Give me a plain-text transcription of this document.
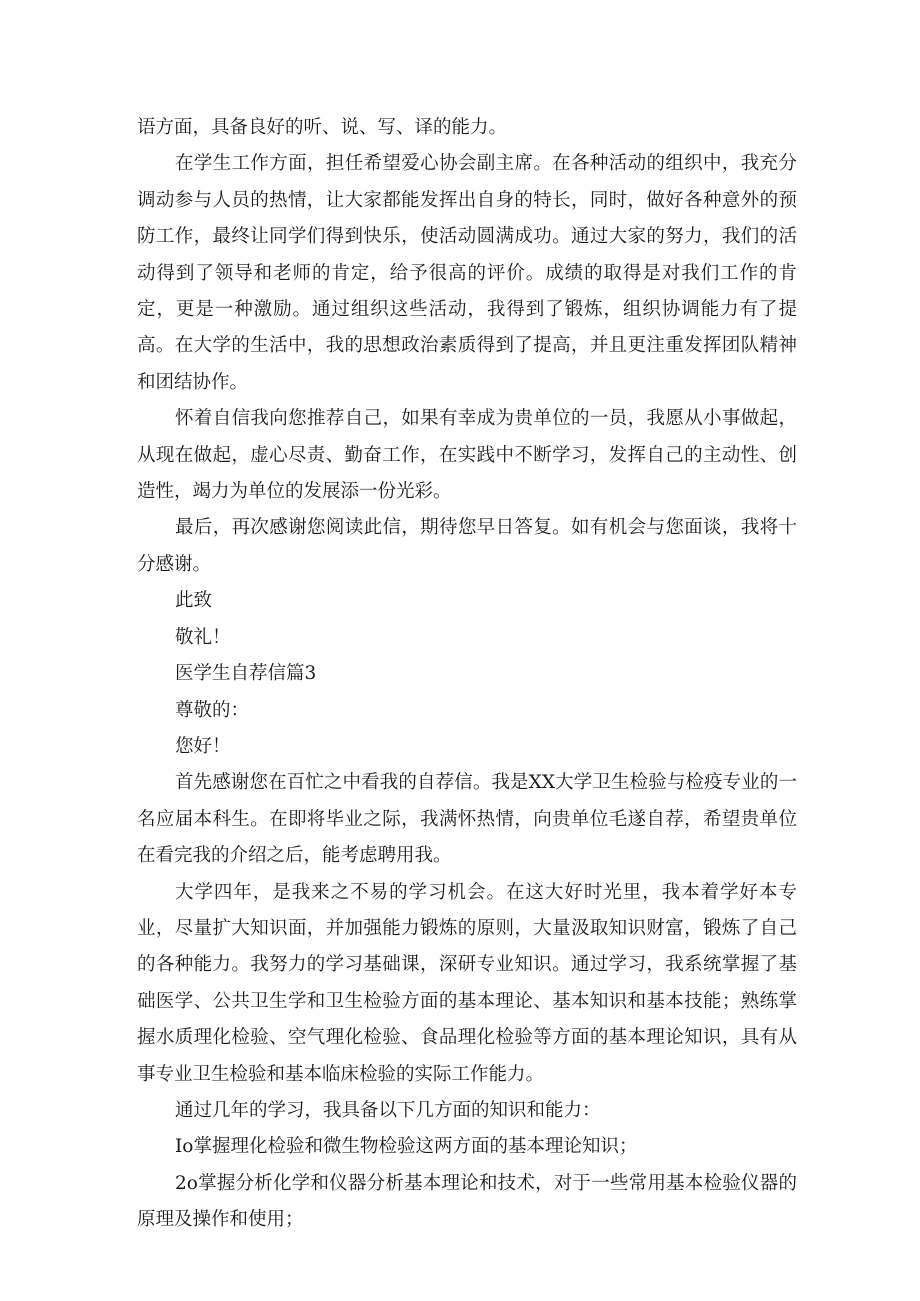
语方面，具备良好的听、说、写、译的能力。

在学生工作方面，担任希望爱心协会副主席。在各种活动的组织中，我充分调动参与人员的热情，让大家都能发挥出自身的特长，同时，做好各种意外的预防工作，最终让同学们得到快乐，使活动圆满成功。通过大家的努力，我们的活动得到了领导和老师的肯定，给予很高的评价。成绩的取得是对我们工作的肯定，更是一种激励。通过组织这些活动，我得到了锻炼，组织协调能力有了提高。在大学的生活中，我的思想政治素质得到了提高，并且更注重发挥团队精神和团结协作。

怀着自信我向您推荐自己，如果有幸成为贵单位的一员，我愿从小事做起，从现在做起，虚心尽责、勤奋工作，在实践中不断学习，发挥自己的主动性、创造性，竭力为单位的发展添一份光彩。

最后，再次感谢您阅读此信，期待您早日答复。如有机会与您面谈，我将十分感谢。

此致

敬礼！

医学生自荐信篇3

尊敬的：

您好！

首先感谢您在百忙之中看我的自荐信。我是XX大学卫生检验与检疫专业的一名应届本科生。在即将毕业之际，我满怀热情，向贵单位毛遂自荐，希望贵单位在看完我的介绍之后，能考虑聘用我。

大学四年，是我来之不易的学习机会。在这大好时光里，我本着学好本专业，尽量扩大知识面，并加强能力锻炼的原则，大量汲取知识财富，锻炼了自己的各种能力。我努力的学习基础课，深研专业知识。通过学习，我系统掌握了基础医学、公共卫生学和卫生检验方面的基本理论、基本知识和基本技能；熟练掌握水质理化检验、空气理化检验、食品理化检验等方面的基本理论知识，具有从事专业卫生检验和基本临床检验的实际工作能力。

通过几年的学习，我具备以下几方面的知识和能力：

Io掌握理化检验和微生物检验这两方面的基本理论知识；

2o掌握分析化学和仪器分析基本理论和技术，对于一些常用基本检验仪器的原理及操作和使用；
